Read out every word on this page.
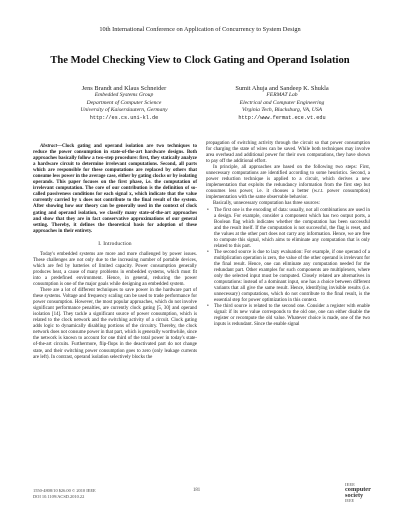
10th International Conference on Application of Concurrency to System Design
The Model Checking View to Clock Gating and Operand Isolation
Jens Brandt and Klaus Schneider
Embedded Systems Group
Department of Computer Science
University of Kaiserslautern, Germany
http://es.cs.uni-kl.de
Sumit Ahuja and Sandeep K. Shukla
FERMAT Lab
Electrical and Computer Engineering
Virginia Tech, Blacksburg, VA, USA
http://www.fermat.ece.vt.edu

Abstract—Clock gating and operand isolation are two techniques to reduce the power consumption in state-of-the-art hardware designs. Both approaches basically follow a two-step procedure: first, they statically analyze a hardware circuit to determine irrelevant computations. Second, all parts which are responsible for these computations are replaced by others that consume less power in the average case, either by gating clocks or by isolating operands. This paper focuses on the first phase, i.e. the computation of irrelevant computation. The core of our contribution is the definition of so-called passiveness conditions for each signal x, which indicate that the value currently carried by x does not contribute to the final result of the system. After showing how our theory can be generally used in the context of clock gating and operand isolation, we classify many state-of-the-art approaches and show that they are in fact conservative approximations of our general setting. Thereby, it defines the theoretical basis for adoption of these approaches in their entirety.

I. Introduction

Today's embedded systems are more and more challenged by power issues. These challenges are not only due to the increasing number of portable devices, which are fed by batteries of limited capacity. Power consumption generally produces heat, a cause of many problems in embedded systems, which must fit into a predefined environment. Hence, in general, reducing the power consumption is one of the major goals while designing an embedded system.

There are a lot of different techniques to save power in the hardware part of these systems. Voltage and frequency scaling can be used to trade performance for power consumption. However, the most popular approaches, which do not involve significant performance penalties, are currently clock gating [5, 30] and operand isolation [14]. They tackle a significant source of power consumption, which is related to the clock network and the switching activity of a circuit. Clock gating adds logic to dynamically disabling portions of the circuitry. Thereby, the clock network does not consume power in that part, which is generally worthwhile, since the network is known to account for one third of the total power in today's state-of-the-art circuits. Furthermore, flip-flops in the deactivated part do not change state, and their switching power consumption goes to zero (only leakage currents are left). In contrast, operand isolation selectively blocks the

propagation of switching activity through the circuit so that power consumption for charging the state of wires can be saved. While both techniques may involve area overhead and additional power for their own computations, they have shown to pay off the additional effort.

In principle, all approaches are based on the following two steps: First, unnecessary computations are identified according to some heuristics. Second, a power reduction technique is applied to a circuit, which derives a new implementation that exploits the redundancy information from the first step but consumes less power, i.e. it chooses a better (w.r.t. power consumption) implementation with the same observable behavior.

Basically, unnecessary computation has three sources:

• The first one is the encoding of data: usually, not all combinations are used in a design. For example, consider a component which has two output ports, a Boolean flag which indicates whether the computation has been successful and the result itself. If the computation is not successful, the flag is reset, and the values at the other port does not carry any information. Hence, we are free to compute this signal, which aims to eliminate any computation that is only related to this part.
• The second source is due to lazy evaluation: For example, if one operand of a multiplication operation is zero, the value of the other operand is irrelevant for the final result. Hence, one can eliminate any computation needed for the redundant part. Other examples for such components are multiplexers, where only the selected input must be computed. Closely related are alternatives in computations: instead of a dominant input, one has a choice between different variants that all give the same result. Hence, identifying invisible results (i.e. unnecessary) computations, which do not contribute to the final result, is the essential step for power optimization in this context.
• The third source is related to the second one. Consider a register with enable signal: if its new value corresponds to the old one, one can either disable the register or recompute the old value. Whatever choice is made, one of the two inputs is redundant. Since the enable signal
1550-4808/10 $26.00 © 2010 IEEE
DOI 10.1109/ACSD.2010.22
181
IEEE
computer society
IEEE
